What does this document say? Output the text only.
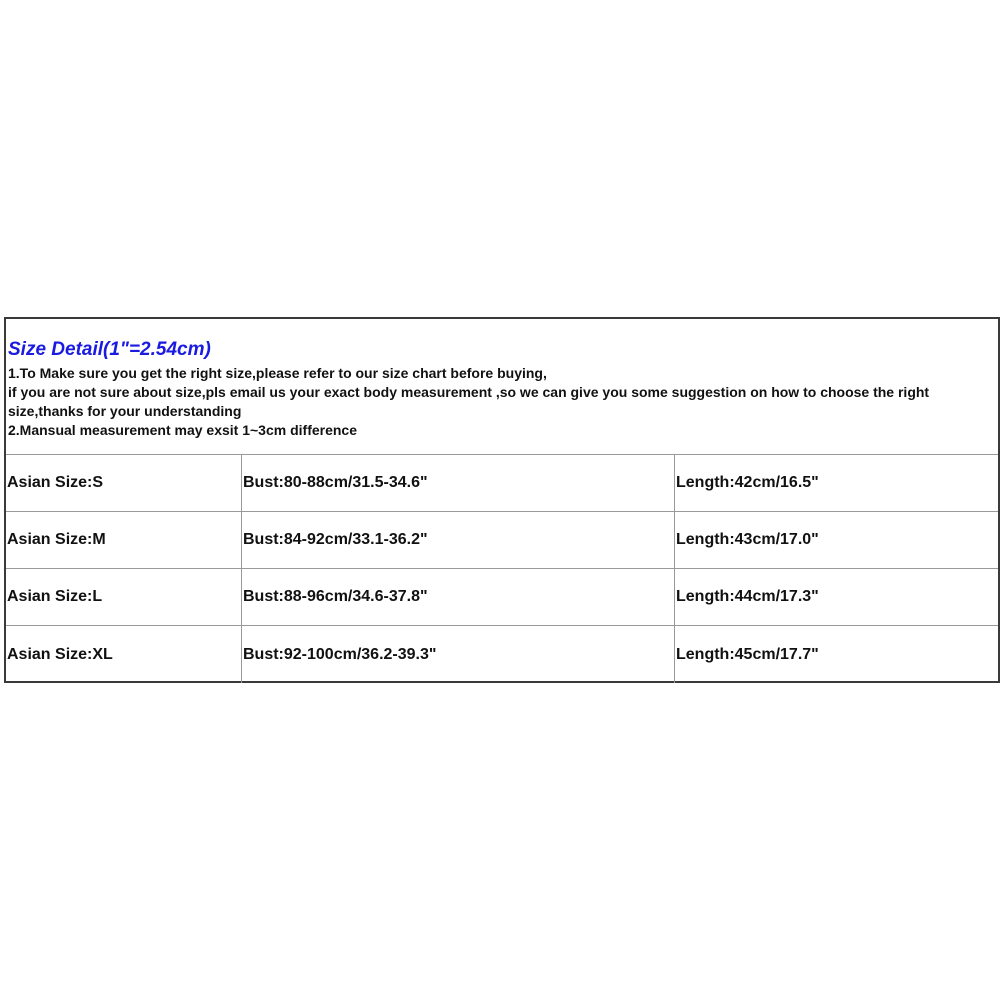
Size Detail(1"=2.54cm)
1.To Make sure you get the right size,please refer to our size chart before buying,
if you are not sure about size,pls email us your exact body measurement ,so we can give you some suggestion on how to choose the right
size,thanks for your understanding
2.Mansual measurement may exsit 1~3cm difference
Asian Size:S	Bust:80-88cm/31.5-34.6"	Length:42cm/16.5"
Asian Size:M	Bust:84-92cm/33.1-36.2"	Length:43cm/17.0"
Asian Size:L	Bust:88-96cm/34.6-37.8"	Length:44cm/17.3"
Asian Size:XL	Bust:92-100cm/36.2-39.3"	Length:45cm/17.7"
